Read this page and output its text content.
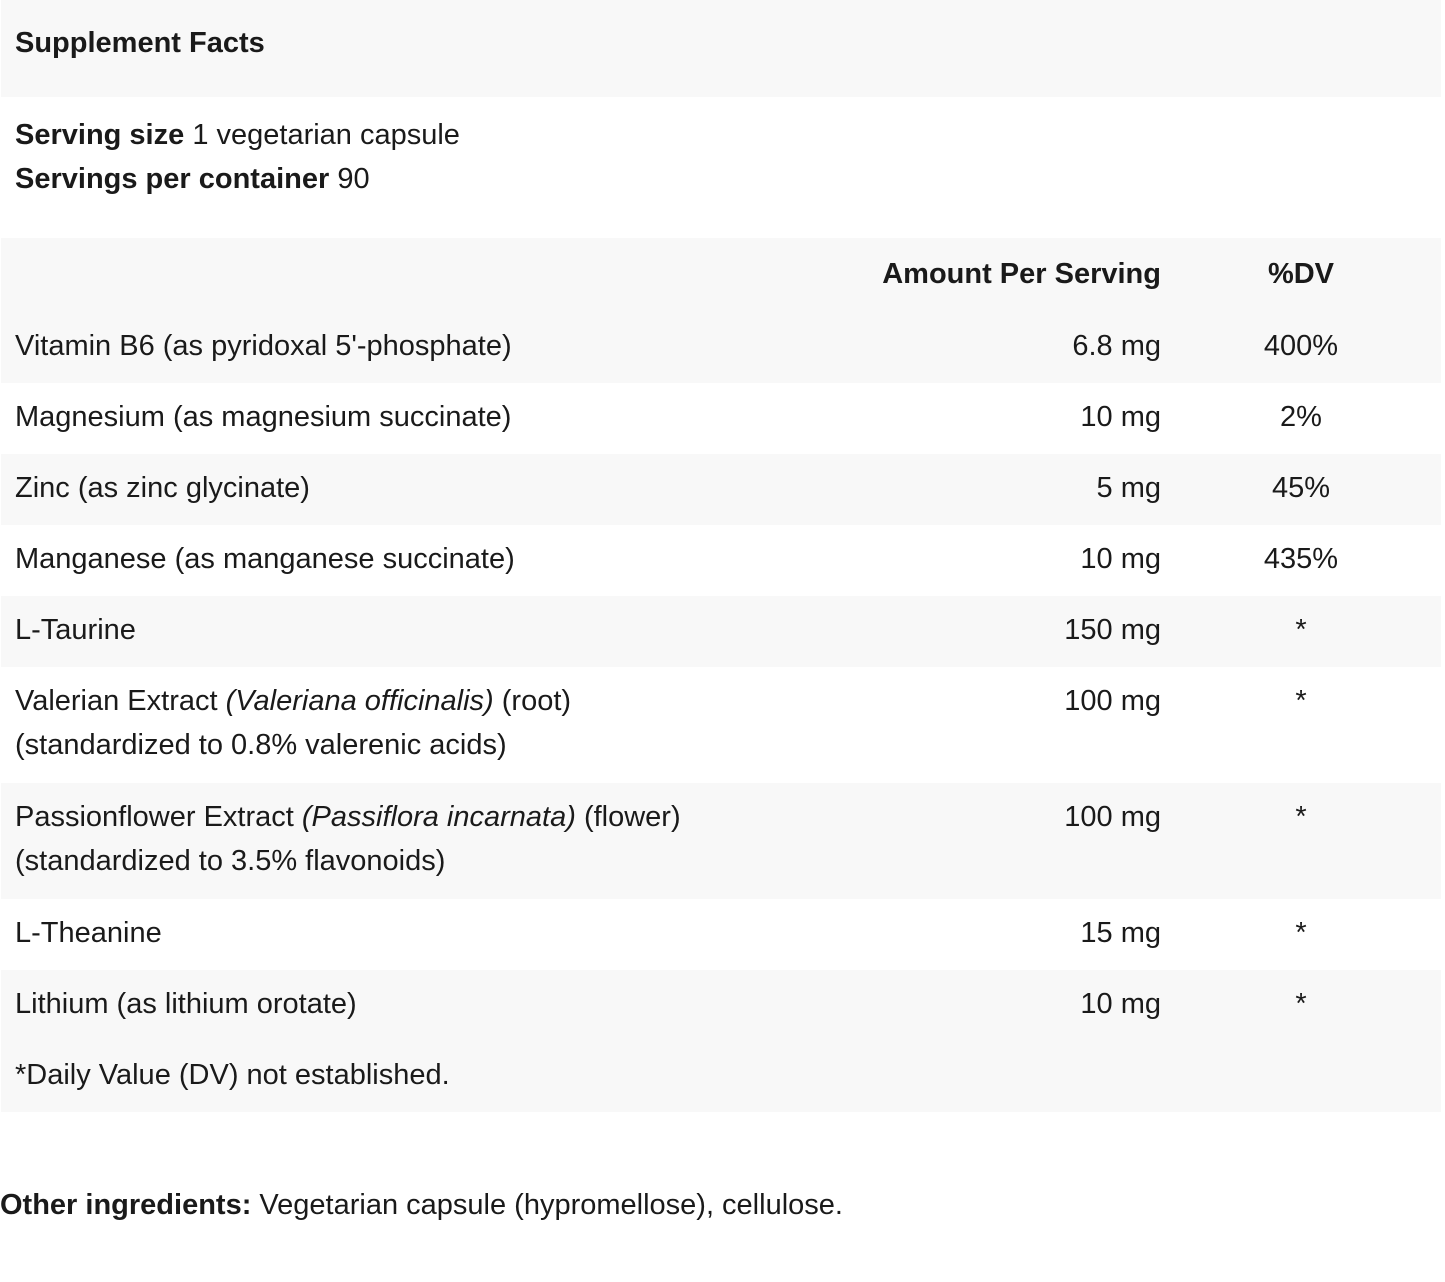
Supplement Facts
Serving size 1 vegetarian capsule
Servings per container 90
	Amount Per Serving	%DV

Vitamin B6 (as pyridoxal 5'-phosphate)	6.8 mg	400%

Magnesium (as magnesium succinate)	10 mg	2%

Zinc (as zinc glycinate)	5 mg	45%

Manganese (as manganese succinate)	10 mg	435%

L-Taurine	150 mg	*

Valerian Extract (Valeriana officinalis) (root)
(standardized to 0.8% valerenic acids)	100 mg	*

Passionflower Extract (Passiflora incarnata) (flower)
(standardized to 3.5% flavonoids)	100 mg	*

L-Theanine	15 mg	*

Lithium (as lithium orotate)	10 mg	*
*Daily Value (DV) not established.
Other ingredients: Vegetarian capsule (hypromellose), cellulose.
